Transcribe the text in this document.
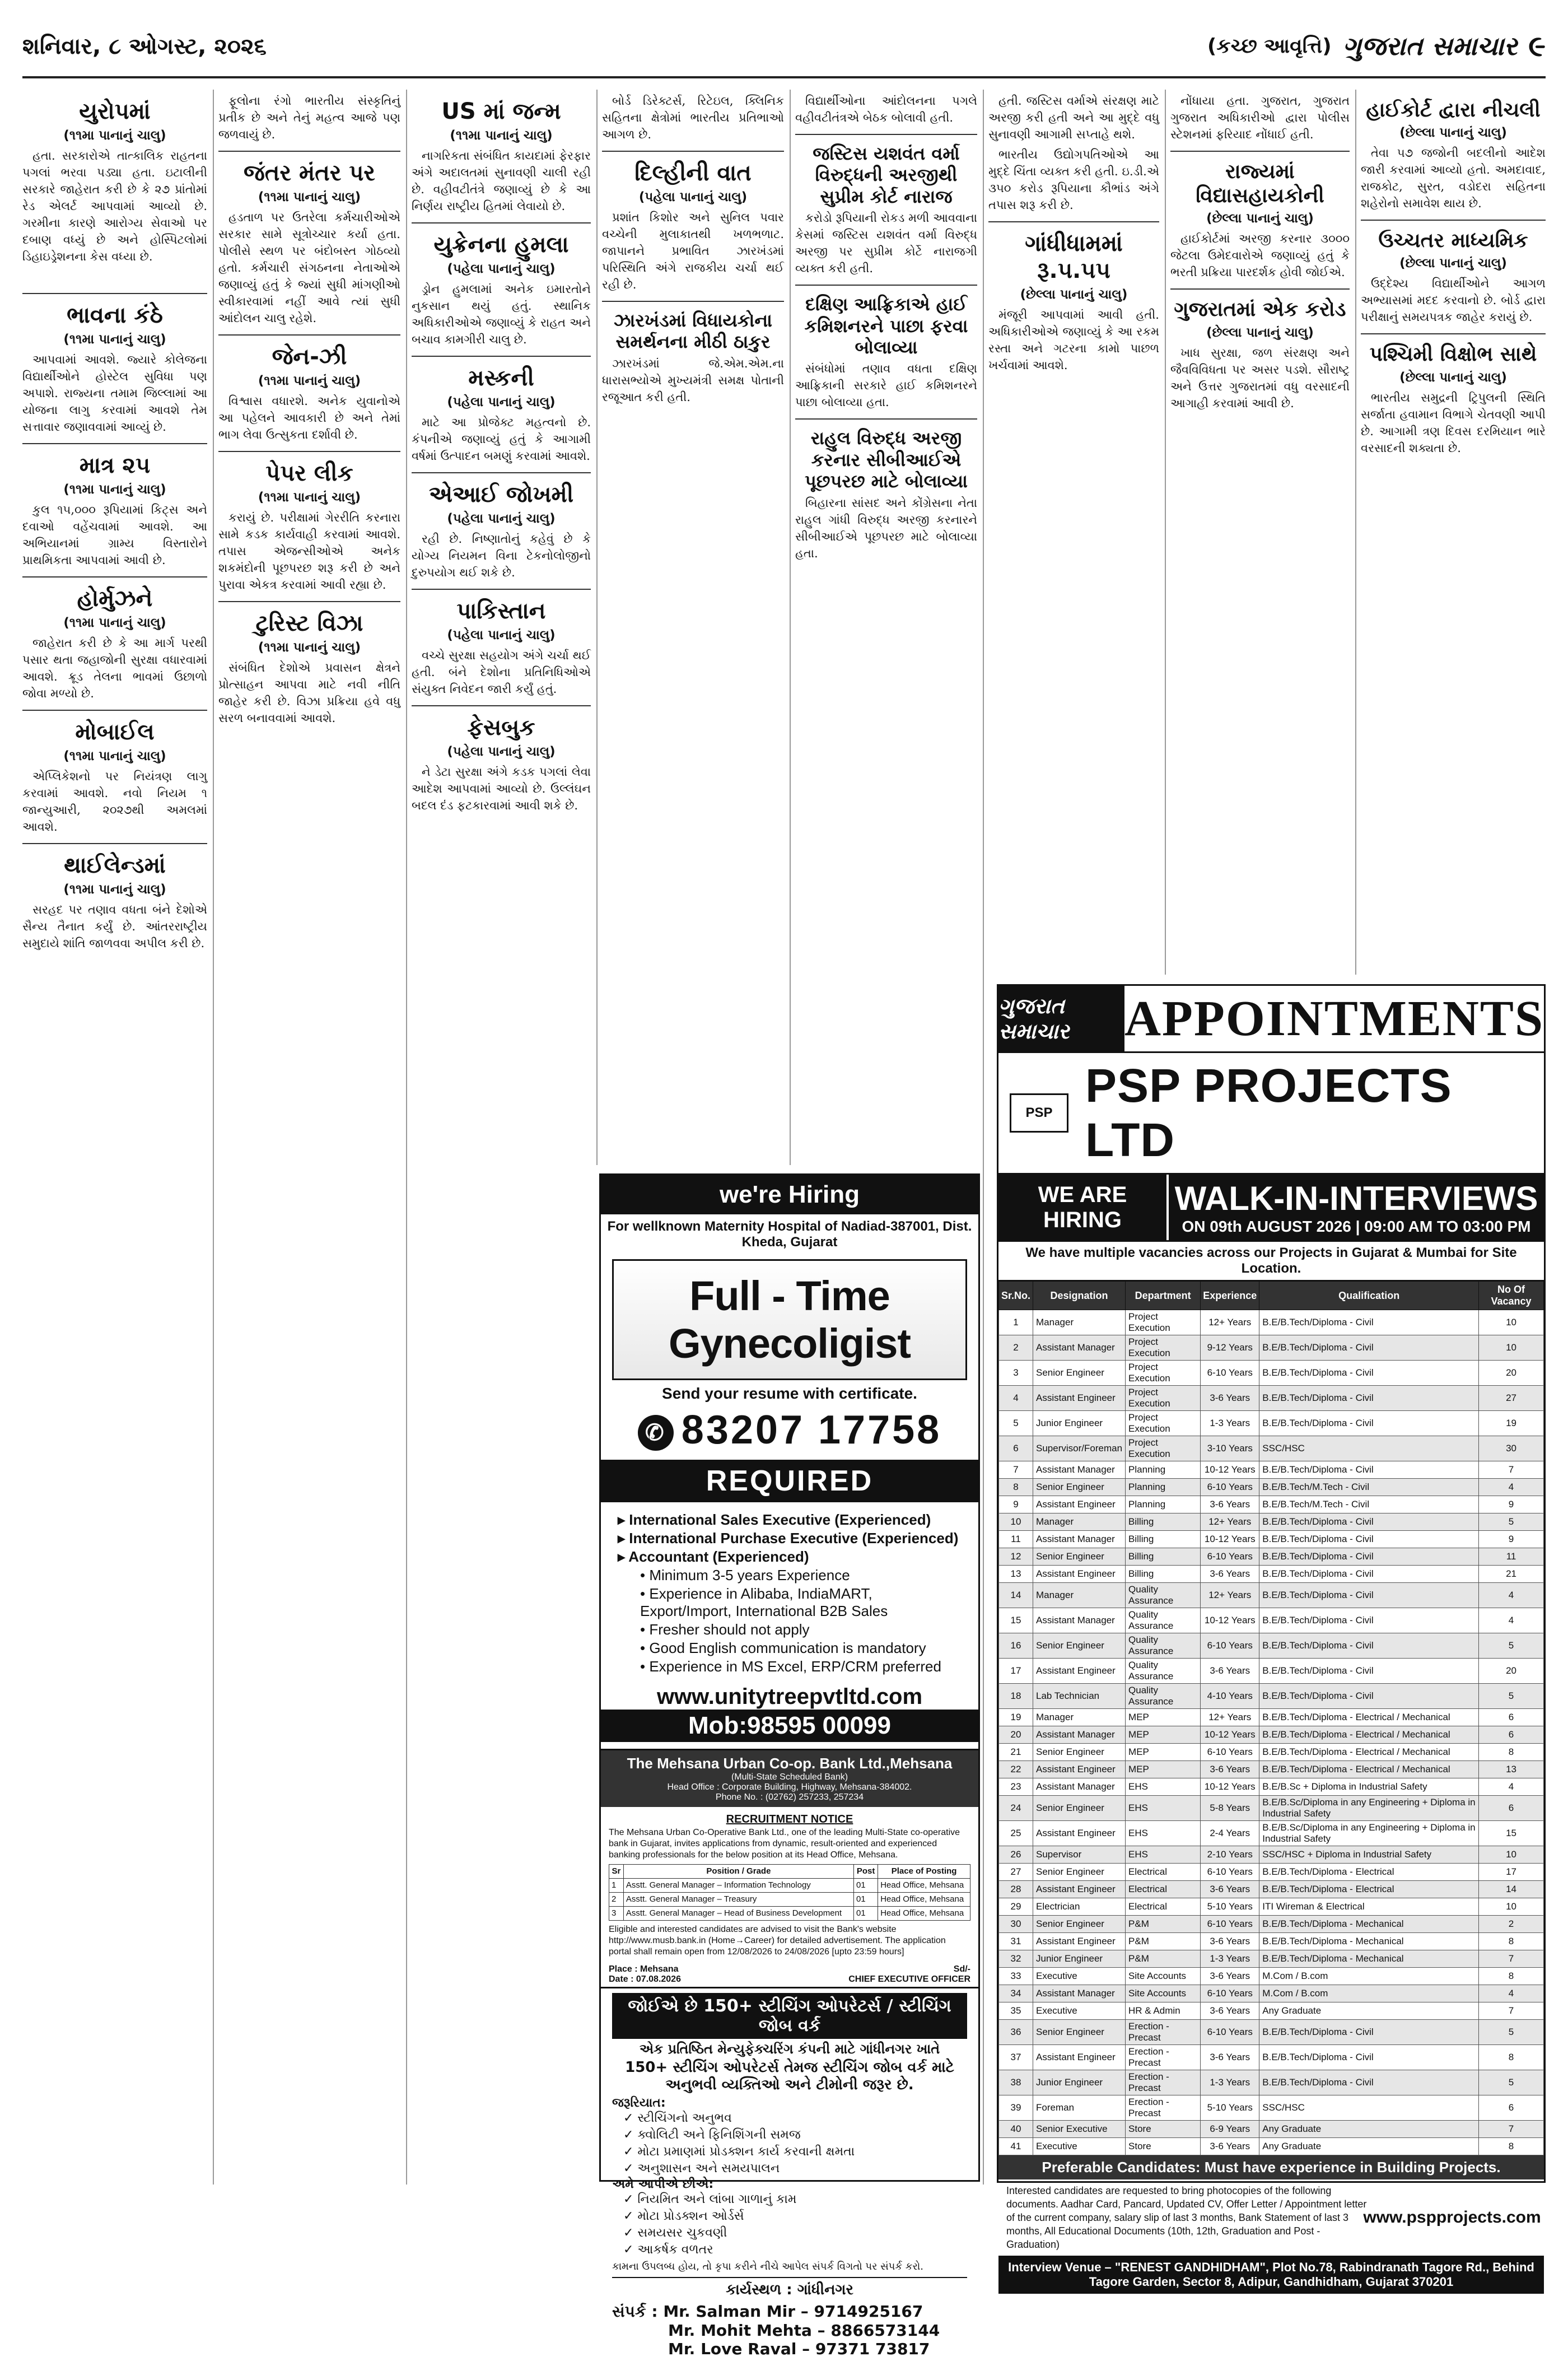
શનિવાર, ૮ ઓગસ્ટ, ૨૦૨૬	(કચ્છ આવૃત્તિ) ગુજરાત સમાચાર ૯
યુરોપમાં
(૧૧મા પાનાનું ચાલુ)

હતા. સરકારોએ તાત્કાલિક રાહતના પગલાં ભરવા પડ્યા હતા. ઇટાલીની સરકારે જાહેરાત કરી છે કે ૨૭ પ્રાંતોમાં રેડ એલર્ટ આપવામાં આવ્યો છે. ગરમીના કારણે આરોગ્ય સેવાઓ પર દબાણ વધ્યું છે અને હોસ્પિટલોમાં ડિહાઇડ્રેશનના કેસ વધ્યા છે.

ભાવના કંઠે
(૧૧મા પાનાનું ચાલુ)

આપવામાં આવશે. જ્યારે કોલેજના વિદ્યાર્થીઓને હોસ્ટેલ સુવિધા પણ અપાશે. રાજ્યના તમામ જિલ્લામાં આ યોજના લાગુ કરવામાં આવશે તેમ સત્તાવાર જણાવવામાં આવ્યું છે.

માત્ર ૨૫
(૧૧મા પાનાનું ચાલુ)

કુલ ૧૫,૦૦૦ રૂપિયામાં કિટ્સ અને દવાઓ વહેંચવામાં આવશે. આ અભિયાનમાં ગ્રામ્ય વિસ્તારોને પ્રાથમિકતા આપવામાં આવી છે.

હોર્મુઝને
(૧૧મા પાનાનું ચાલુ)

જાહેરાત કરી છે કે આ માર્ગ પરથી પસાર થતા જહાજોની સુરક્ષા વધારવામાં આવશે. ક્રૂડ તેલના ભાવમાં ઉછાળો જોવા મળ્યો છે.

મોબાઈલ
(૧૧મા પાનાનું ચાલુ)

એપ્લિકેશનો પર નિયંત્રણ લાગુ કરવામાં આવશે. નવો નિયમ ૧ જાન્યુઆરી, ૨૦૨૭થી અમલમાં આવશે.

થાઈલેન્ડમાં
(૧૧મા પાનાનું ચાલુ)

સરહદ પર તણાવ વધતા બંને દેશોએ સૈન્ય તૈનાત કર્યું છે. આંતરરાષ્ટ્રીય સમુદાયે શાંતિ જાળવવા અપીલ કરી છે.

ફૂલોના રંગો ભારતીય સંસ્કૃતિનું પ્રતીક છે અને તેનું મહત્વ આજે પણ જળવાયું છે.

જંતર મંતર પર
(૧૧મા પાનાનું ચાલુ)

હડતાળ પર ઉતરેલા કર્મચારીઓએ સરકાર સામે સૂત્રોચ્ચાર કર્યા હતા. પોલીસે સ્થળ પર બંદોબસ્ત ગોઠવ્યો હતો. કર્મચારી સંગઠનના નેતાઓએ જણાવ્યું હતું કે જ્યાં સુધી માંગણીઓ સ્વીકારવામાં નહીં આવે ત્યાં સુધી આંદોલન ચાલુ રહેશે.

જેન-ઝી
(૧૧મા પાનાનું ચાલુ)

વિશ્વાસ વધારશે. અનેક યુવાનોએ આ પહેલને આવકારી છે અને તેમાં ભાગ લેવા ઉત્સુકતા દર્શાવી છે.

પેપર લીક
(૧૧મા પાનાનું ચાલુ)

કરાયું છે. પરીક્ષામાં ગેરરીતિ કરનારા સામે કડક કાર્યવાહી કરવામાં આવશે. તપાસ એજન્સીઓએ અનેક શકમંદોની પૂછપરછ શરૂ કરી છે અને પુરાવા એકત્ર કરવામાં આવી રહ્યા છે.

ટુરિસ્ટ વિઝા
(૧૧મા પાનાનું ચાલુ)

સંબંધિત દેશોએ પ્રવાસન ક્ષેત્રને પ્રોત્સાહન આપવા માટે નવી નીતિ જાહેર કરી છે. વિઝા પ્રક્રિયા હવે વધુ સરળ બનાવવામાં આવશે.

US માં જન્મ
(૧૧મા પાનાનું ચાલુ)

નાગરિકતા સંબંધિત કાયદામાં ફેરફાર અંગે અદાલતમાં સુનાવણી ચાલી રહી છે. વહીવટીતંત્રે જણાવ્યું છે કે આ નિર્ણય રાષ્ટ્રીય હિતમાં લેવાયો છે.

યુક્રેનના હુમલા
(પહેલા પાનાનું ચાલુ)

ડ્રોન હુમલામાં અનેક ઇમારતોને નુકસાન થયું હતું. સ્થાનિક અધિકારીઓએ જણાવ્યું કે રાહત અને બચાવ કામગીરી ચાલુ છે.

મસ્કની
(પહેલા પાનાનું ચાલુ)

માટે આ પ્રોજેક્ટ મહત્વનો છે. કંપનીએ જણાવ્યું હતું કે આગામી વર્ષમાં ઉત્પાદન બમણું કરવામાં આવશે.

એઆઈ જોખમી
(પહેલા પાનાનું ચાલુ)

રહી છે. નિષ્ણાતોનું કહેવું છે કે યોગ્ય નિયમન વિના ટેકનોલોજીનો દુરુપયોગ થઈ શકે છે.

પાકિસ્તાન
(પહેલા પાનાનું ચાલુ)

વચ્ચે સુરક્ષા સહયોગ અંગે ચર્ચા થઈ હતી. બંને દેશોના પ્રતિનિધિઓએ સંયુક્ત નિવેદન જારી કર્યું હતું.

ફેસબુક
(પહેલા પાનાનું ચાલુ)

ને ડેટા સુરક્ષા અંગે કડક પગલાં લેવા આદેશ આપવામાં આવ્યો છે. ઉલ્લંઘન બદલ દંડ ફટકારવામાં આવી શકે છે.

બોર્ડ ડિરેક્ટર્સ, રિટેઇલ, ક્લિનિક સહિતના ક્ષેત્રોમાં ભારતીય પ્રતિભાઓ આગળ છે.

દિલ્હીની વાત
(પહેલા પાનાનું ચાલુ)

પ્રશાંત કિશોર અને સુનિલ પવાર વચ્ચેની મુલાકાતથી ખળભળાટ. જાપાનને પ્રભાવિત ઝારખંડમાં પરિસ્થિતિ અંગે રાજકીય ચર્ચા થઈ રહી છે.

ઝારખંડમાં વિધાયકોના સમર્થનના મીઠી ઠાકુર

ઝારખંડમાં જે.એમ.એમ.ના ધારાસભ્યોએ મુખ્યમંત્રી સમક્ષ પોતાની રજૂઆત કરી હતી.

વિદ્યાર્થીઓના આંદોલનના પગલે વહીવટીતંત્રએ બેઠક બોલાવી હતી.

જસ્ટિસ યશવંત વર્મા વિરુદ્ધની અરજીથી સુપ્રીમ કોર્ટ નારાજ

કરોડો રૂપિયાની રોકડ મળી આવવાના કેસમાં જસ્ટિસ યશવંત વર્મા વિરુદ્ધ અરજી પર સુપ્રીમ કોર્ટે નારાજગી વ્યક્ત કરી હતી.

દક્ષિણ આફ્રિકાએ હાઈ કમિશનરને પાછા ફરવા બોલાવ્યા

સંબંધોમાં તણાવ વધતા દક્ષિણ આફ્રિકાની સરકારે હાઈ કમિશનરને પાછા બોલાવ્યા હતા.

રાહુલ વિરુદ્ધ અરજી કરનાર સીબીઆઈએ પૂછપરછ માટે બોલાવ્યા

બિહારના સાંસદ અને કોંગ્રેસના નેતા રાહુલ ગાંધી વિરુદ્ધ અરજી કરનારને સીબીઆઈએ પૂછપરછ માટે બોલાવ્યા હતા.

હતી. જસ્ટિસ વર્માએ સંરક્ષણ માટે અરજી કરી હતી અને આ મુદ્દે વધુ સુનાવણી આગામી સપ્તાહે થશે.

ભારતીય ઉદ્યોગપતિઓએ આ મુદ્દે ચિંતા વ્યક્ત કરી હતી. ઇ.ડી.એ ૩૫૦ કરોડ રૂપિયાના કૌભાંડ અંગે તપાસ શરૂ કરી છે.

ગાંધીધામમાં રૂ.૫.૫૫
(છેલ્લા પાનાનું ચાલુ)

મંજૂરી આપવામાં આવી હતી. અધિકારીઓએ જણાવ્યું કે આ રકમ રસ્તા અને ગટરના કામો પાછળ ખર્ચવામાં આવશે.

નોંધાયા હતા. ગુજરાત, ગુજરાત ગુજરાત અધિકારીઓ દ્વારા પોલીસ સ્ટેશનમાં ફરિયાદ નોંધાઈ હતી.

રાજ્યમાં વિદ્યાસહાયકોની
(છેલ્લા પાનાનું ચાલુ)

હાઈકોર્ટમાં અરજી કરનાર ૩૦૦૦ જેટલા ઉમેદવારોએ જણાવ્યું હતું કે ભરતી પ્રક્રિયા પારદર્શક હોવી જોઈએ.

ગુજરાતમાં એક કરોડ
(છેલ્લા પાનાનું ચાલુ)

ખાધ સુરક્ષા, જળ સંરક્ષણ અને જૈવવિવિધતા પર અસર પડશે. સૌરાષ્ટ્ર અને ઉત્તર ગુજરાતમાં વધુ વરસાદની આગાહી કરવામાં આવી છે.

હાઈકોર્ટ દ્વારા નીચલી
(છેલ્લા પાનાનું ચાલુ)

તેવા ૫૭ જજોની બદલીનો આદેશ જારી કરવામાં આવ્યો હતો. અમદાવાદ, રાજકોટ, સુરત, વડોદરા સહિતના શહેરોનો સમાવેશ થાય છે.

ઉચ્ચતર માધ્યમિક
(છેલ્લા પાનાનું ચાલુ)

ઉદ્દેશ્ય વિદ્યાર્થીઓને આગળ અભ્યાસમાં મદદ કરવાનો છે. બોર્ડ દ્વારા પરીક્ષાનું સમયપત્રક જાહેર કરાયું છે.

પશ્ચિમી વિક્ષોભ સાથે
(છેલ્લા પાનાનું ચાલુ)

ભારતીય સમુદ્રની ટ્રિપુલની સ્થિતિ સર્જાતા હવામાન વિભાગે ચેતવણી આપી છે. આગામી ત્રણ દિવસ દરમિયાન ભારે વરસાદની શક્યતા છે.

we're Hiring
For wellknown Maternity Hospital of Nadiad-387001, Dist. Kheda, Gujarat
Full - Time Gynecoligist
Send your resume with certificate.
✆ 83207 17758
REQUIRED
▸ International Sales Executive (Experienced)
▸ International Purchase Executive (Experienced)
▸ Accountant (Experienced)
• Minimum 3-5 years Experience
• Experience in Alibaba, IndiaMART, Export/Import, International B2B Sales
• Fresher should not apply
• Good English communication is mandatory
• Experience in MS Excel, ERP/CRM preferred
www.unitytreepvtltd.com
Mob:98595 00099
The Mehsana Urban Co-op. Bank Ltd.,Mehsana
(Multi-State Scheduled Bank)
Head Office : Corporate Building, Highway, Mehsana-384002.
Phone No. : (02762) 257233, 257234
RECRUITMENT NOTICE
The Mehsana Urban Co-Operative Bank Ltd., one of the leading Multi-State co-operative bank in Gujarat, invites applications from dynamic, result-oriented and experienced banking professionals for the below position at its Head Office, Mehsana.
Sr	Position / Grade	Post	Place of Posting
1	Asstt. General Manager – Information Technology	01	Head Office, Mehsana
2	Asstt. General Manager – Treasury	01	Head Office, Mehsana
3	Asstt. General Manager – Head of Business Development	01	Head Office, Mehsana
Eligible and interested candidates are advised to visit the Bank's website http://www.musb.bank.in (Home→Career) for detailed advertisement. The application portal shall remain open from 12/08/2026 to 24/08/2026 [upto 23:59 hours]
Place : Mehsana
Date : 07.08.2026
Sd/-
CHIEF EXECUTIVE OFFICER
જોઈએ છે 150+ સ્ટીચિંગ ઓપરેટર્સ / સ્ટીચિંગ જોબ વર્ક
એક પ્રતિષ્ઠિત મેન્યુફેક્ચરિંગ કંપની માટે ગાંધીનગર ખાતે
150+ સ્ટીચિંગ ઓપરેટર્સ તેમજ સ્ટીચિંગ જોબ વર્ક માટે અનુભવી વ્યક્તિઓ અને ટીમોની જરૂર છે.
જરૂરિયાત:
✓ સ્ટીચિંગનો અનુભવ
✓ ક્વોલિટી અને ફિનિશિંગની સમજ
✓ મોટા પ્રમાણમાં પ્રોડક્શન કાર્ય કરવાની ક્ષમતા
✓ અનુશાસન અને સમયપાલન
અમે આપીએ છીએ:
✓ નિયમિત અને લાંબા ગાળાનું કામ
✓ મોટા પ્રોડક્શન ઓર્ડર્સ
✓ સમયસર ચુકવણી
✓ આકર્ષક વળતર
કામના ઉપલબ્ધ હોય, તો કૃપા કરીને નીચે આપેલ સંપર્ક વિગતો પર સંપર્ક કરો.
કાર્યસ્થળ : ગાંધીનગર
સંપર્ક : Mr. Salman Mir – 9714925167
Mr. Mohit Mehta – 8866573144
Mr. Love Raval – 97371 73817
ગુજરાત સમાચાર	APPOINTMENTS
PSP
PSP PROJECTS LTD
WE ARE HIRING
WALK-IN-INTERVIEWS
ON 09th AUGUST 2026 | 09:00 AM TO 03:00 PM
We have multiple vacancies across our Projects in Gujarat & Mumbai for Site Location.
Sr.No.	Designation	Department	Experience	Qualification	No Of Vacancy
1	Manager	Project Execution	12+ Years	B.E/B.Tech/Diploma - Civil	10
2	Assistant Manager	Project Execution	9-12 Years	B.E/B.Tech/Diploma - Civil	10
3	Senior Engineer	Project Execution	6-10 Years	B.E/B.Tech/Diploma - Civil	20
4	Assistant Engineer	Project Execution	3-6 Years	B.E/B.Tech/Diploma - Civil	27
5	Junior Engineer	Project Execution	1-3 Years	B.E/B.Tech/Diploma - Civil	19
6	Supervisor/Foreman	Project Execution	3-10 Years	SSC/HSC	30
7	Assistant Manager	Planning	10-12 Years	B.E/B.Tech/Diploma - Civil	7
8	Senior Engineer	Planning	6-10 Years	B.E/B.Tech/M.Tech - Civil	4
9	Assistant Engineer	Planning	3-6 Years	B.E/B.Tech/M.Tech - Civil	9
10	Manager	Billing	12+ Years	B.E/B.Tech/Diploma - Civil	5
11	Assistant Manager	Billing	10-12 Years	B.E/B.Tech/Diploma - Civil	9
12	Senior Engineer	Billing	6-10 Years	B.E/B.Tech/Diploma - Civil	11
13	Assistant Engineer	Billing	3-6 Years	B.E/B.Tech/Diploma - Civil	21
14	Manager	Quality Assurance	12+ Years	B.E/B.Tech/Diploma - Civil	4
15	Assistant Manager	Quality Assurance	10-12 Years	B.E/B.Tech/Diploma - Civil	4
16	Senior Engineer	Quality Assurance	6-10 Years	B.E/B.Tech/Diploma - Civil	5
17	Assistant Engineer	Quality Assurance	3-6 Years	B.E/B.Tech/Diploma - Civil	20
18	Lab Technician	Quality Assurance	4-10 Years	B.E/B.Tech/Diploma - Civil	5
19	Manager	MEP	12+ Years	B.E/B.Tech/Diploma - Electrical / Mechanical	6
20	Assistant Manager	MEP	10-12 Years	B.E/B.Tech/Diploma - Electrical / Mechanical	6
21	Senior Engineer	MEP	6-10 Years	B.E/B.Tech/Diploma - Electrical / Mechanical	8
22	Assistant Engineer	MEP	3-6 Years	B.E/B.Tech/Diploma - Electrical / Mechanical	13
23	Assistant Manager	EHS	10-12 Years	B.E/B.Sc + Diploma in Industrial Safety	4
24	Senior Engineer	EHS	5-8 Years	B.E/B.Sc/Diploma in any Engineering + Diploma in Industrial Safety	6
25	Assistant Engineer	EHS	2-4 Years	B.E/B.Sc/Diploma in any Engineering + Diploma in Industrial Safety	15
26	Supervisor	EHS	2-10 Years	SSC/HSC + Diploma in Industrial Safety	10
27	Senior Engineer	Electrical	6-10 Years	B.E/B.Tech/Diploma - Electrical	17
28	Assistant Engineer	Electrical	3-6 Years	B.E/B.Tech/Diploma - Electrical	14
29	Electrician	Electrical	5-10 Years	ITI Wireman & Electrical	10
30	Senior Engineer	P&M	6-10 Years	B.E/B.Tech/Diploma - Mechanical	2
31	Assistant Engineer	P&M	3-6 Years	B.E/B.Tech/Diploma - Mechanical	8
32	Junior Engineer	P&M	1-3 Years	B.E/B.Tech/Diploma - Mechanical	7
33	Executive	Site Accounts	3-6 Years	M.Com / B.com	8
34	Assistant Manager	Site Accounts	6-10 Years	M.Com / B.com	4
35	Executive	HR & Admin	3-6 Years	Any Graduate	7
36	Senior Engineer	Erection - Precast	6-10 Years	B.E/B.Tech/Diploma - Civil	5
37	Assistant Engineer	Erection - Precast	3-6 Years	B.E/B.Tech/Diploma - Civil	8
38	Junior Engineer	Erection - Precast	1-3 Years	B.E/B.Tech/Diploma - Civil	5
39	Foreman	Erection - Precast	5-10 Years	SSC/HSC	6
40	Senior Executive	Store	6-9 Years	Any Graduate	7
41	Executive	Store	3-6 Years	Any Graduate	8
Preferable Candidates: Must have experience in Building Projects.
Interested candidates are requested to bring photocopies of the following documents. Aadhar Card, Pancard, Updated CV, Offer Letter / Appointment letter of the current company, salary slip of last 3 months, Bank Statement of last 3 months, All Educational Documents (10th, 12th, Graduation and Post - Graduation)
www.pspprojects.com
Interview Venue – "RENEST GANDHIDHAM", Plot No.78, Rabindranath Tagore Rd., Behind Tagore Garden, Sector 8, Adipur, Gandhidham, Gujarat 370201
